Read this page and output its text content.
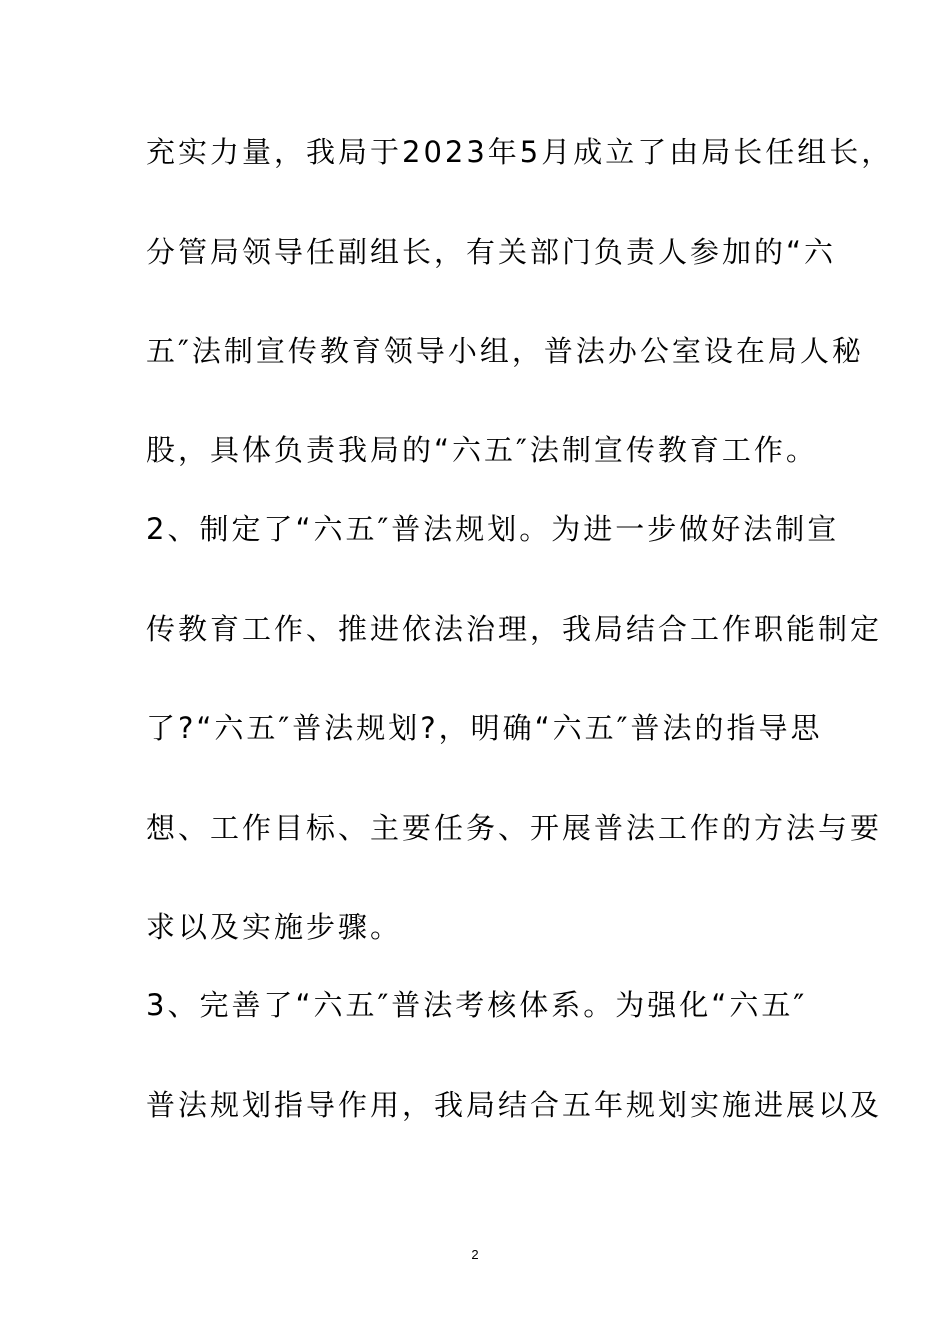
充实力量，我局于2023年5月成立了由局长任组长，
分管局领导任副组长，有关部门负责人参加的“六
五″法制宣传教育领导小组，普法办公室设在局人秘
股，具体负责我局的“六五″法制宣传教育工作。
2、制定了“六五″普法规划。为进一步做好法制宣
传教育工作、推进依法治理，我局结合工作职能制定
了?“六五″普法规划?，明确“六五″普法的指导思
想、工作目标、主要任务、开展普法工作的方法与要
求以及实施步骤。
3、完善了“六五″普法考核体系。为强化“六五″
普法规划指导作用，我局结合五年规划实施进展以及
2
